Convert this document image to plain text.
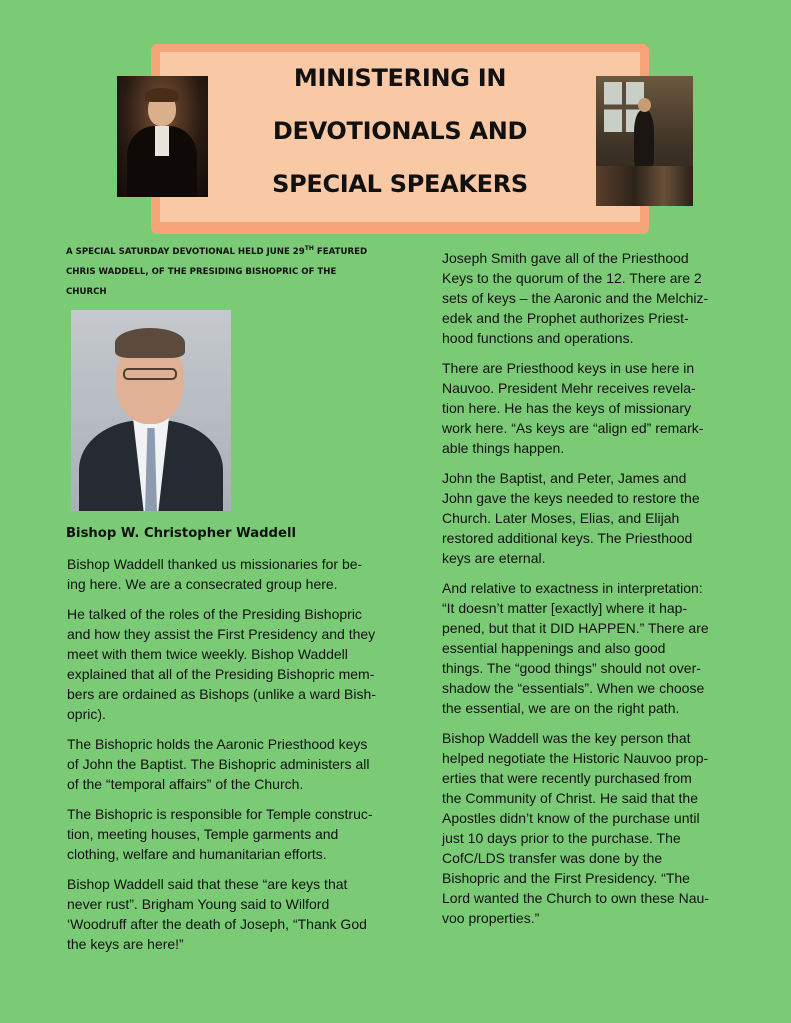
MINISTERING IN
DEVOTIONALS AND
SPECIAL SPEAKERS

A SPECIAL SATURDAY DEVOTIONAL HELD JUNE 29TH FEATURED
CHRIS WADDELL, OF THE PRESIDING BISHOPRIC OF THE
CHURCH

Bishop W. Christopher Waddell

Bishop Waddell thanked us missionaries for be-
ing here. We are a consecrated group here.

He talked of the roles of the Presiding Bishopric
and how they assist the First Presidency and they
meet with them twice weekly. Bishop Waddell
explained that all of the Presiding Bishopric mem-
bers are ordained as Bishops (unlike a ward Bish-
opric).

The Bishopric holds the Aaronic Priesthood keys
of John the Baptist. The Bishopric administers all
of the “temporal affairs” of the Church.

The Bishopric is responsible for Temple construc-
tion, meeting houses, Temple garments and
clothing, welfare and humanitarian efforts.

Bishop Waddell said that these “are keys that
never rust”. Brigham Young said to Wilford
‘Woodruff after the death of Joseph, “Thank God
the keys are here!”

Joseph Smith gave all of the Priesthood
Keys to the quorum of the 12. There are 2
sets of keys – the Aaronic and the Melchiz-
edek and the Prophet authorizes Priest-
hood functions and operations.

There are Priesthood keys in use here in
Nauvoo. President Mehr receives revela-
tion here. He has the keys of missionary
work here. “As keys are “align ed” remark-
able things happen.

John the Baptist, and Peter, James and
John gave the keys needed to restore the
Church. Later Moses, Elias, and Elijah
restored additional keys. The Priesthood
keys are eternal.

And relative to exactness in interpretation:
“It doesn’t matter [exactly] where it hap-
pened, but that it DID HAPPEN.” There are
essential happenings and also good
things. The “good things” should not over-
shadow the “essentials”. When we choose
the essential, we are on the right path.

Bishop Waddell was the key person that
helped negotiate the Historic Nauvoo prop-
erties that were recently purchased from
the Community of Christ. He said that the
Apostles didn’t know of the purchase until
just 10 days prior to the purchase. The
CofC/LDS transfer was done by the
Bishopric and the First Presidency. “The
Lord wanted the Church to own these Nau-
voo properties.”
